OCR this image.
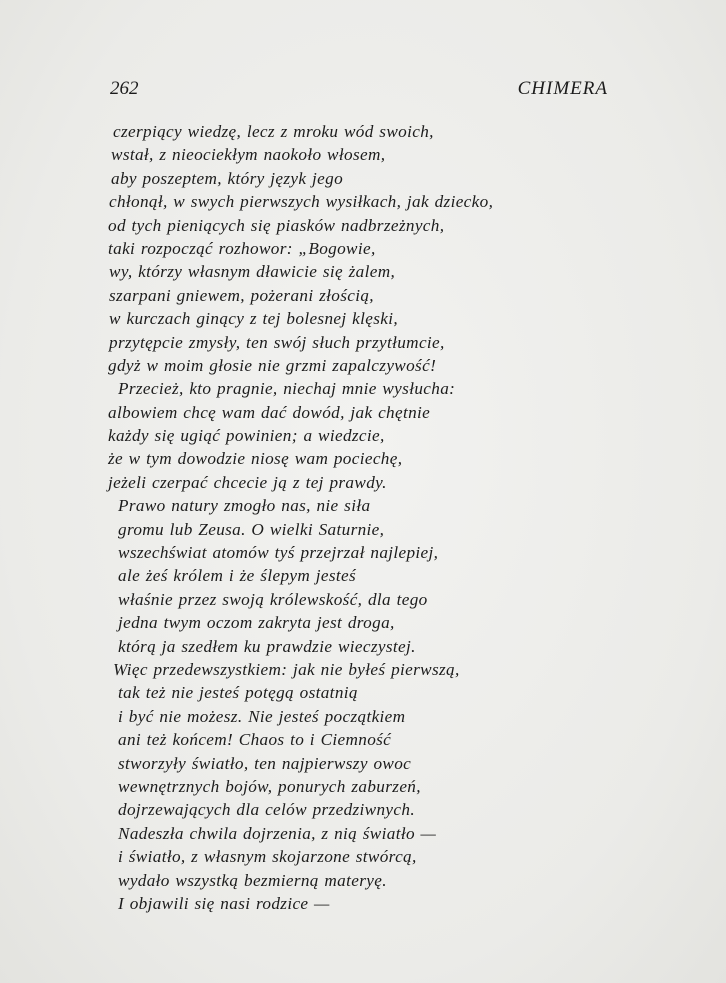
262	CHIMERA
czerpiący wiedzę, lecz z mroku wód swoich,
wstał, z nieociekłym naokoło włosem,
aby poszeptem, który język jego
chłonął, w swych pierwszych wysiłkach, jak dziecko,
od tych pieniących się piasków nadbrzeżnych,
taki rozpocząć rozhowor: „Bogowie,
wy, którzy własnym dławicie się żalem,
szarpani gniewem, pożerani złością,
w kurczach ginący z tej bolesnej klęski,
przytępcie zmysły, ten swój słuch przytłumcie,
gdyż w moim głosie nie grzmi zapalczywość!
Przecież, kto pragnie, niechaj mnie wysłucha:
albowiem chcę wam dać dowód, jak chętnie
każdy się ugiąć powinien; a wiedzcie,
że w tym dowodzie niosę wam pociechę,
jeżeli czerpać chcecie ją z tej prawdy.
Prawo natury zmogło nas, nie siła
gromu lub Zeusa. O wielki Saturnie,
wszechświat atomów tyś przejrzał najlepiej,
ale żeś królem i że ślepym jesteś
właśnie przez swoją królewskość, dla tego
jedna twym oczom zakryta jest droga,
którą ja szedłem ku prawdzie wieczystej.
Więc przedewszystkiem: jak nie byłeś pierwszą,
tak też nie jesteś potęgą ostatnią
i być nie możesz. Nie jesteś początkiem
ani też końcem! Chaos to i Ciemność
stworzyły światło, ten najpierwszy owoc
wewnętrznych bojów, ponurych zaburzeń,
dojrzewających dla celów przedziwnych.
Nadeszła chwila dojrzenia, z nią światło —
i światło, z własnym skojarzone stwórcą,
wydało wszystką bezmierną materyę.
I objawili się nasi rodzice —
